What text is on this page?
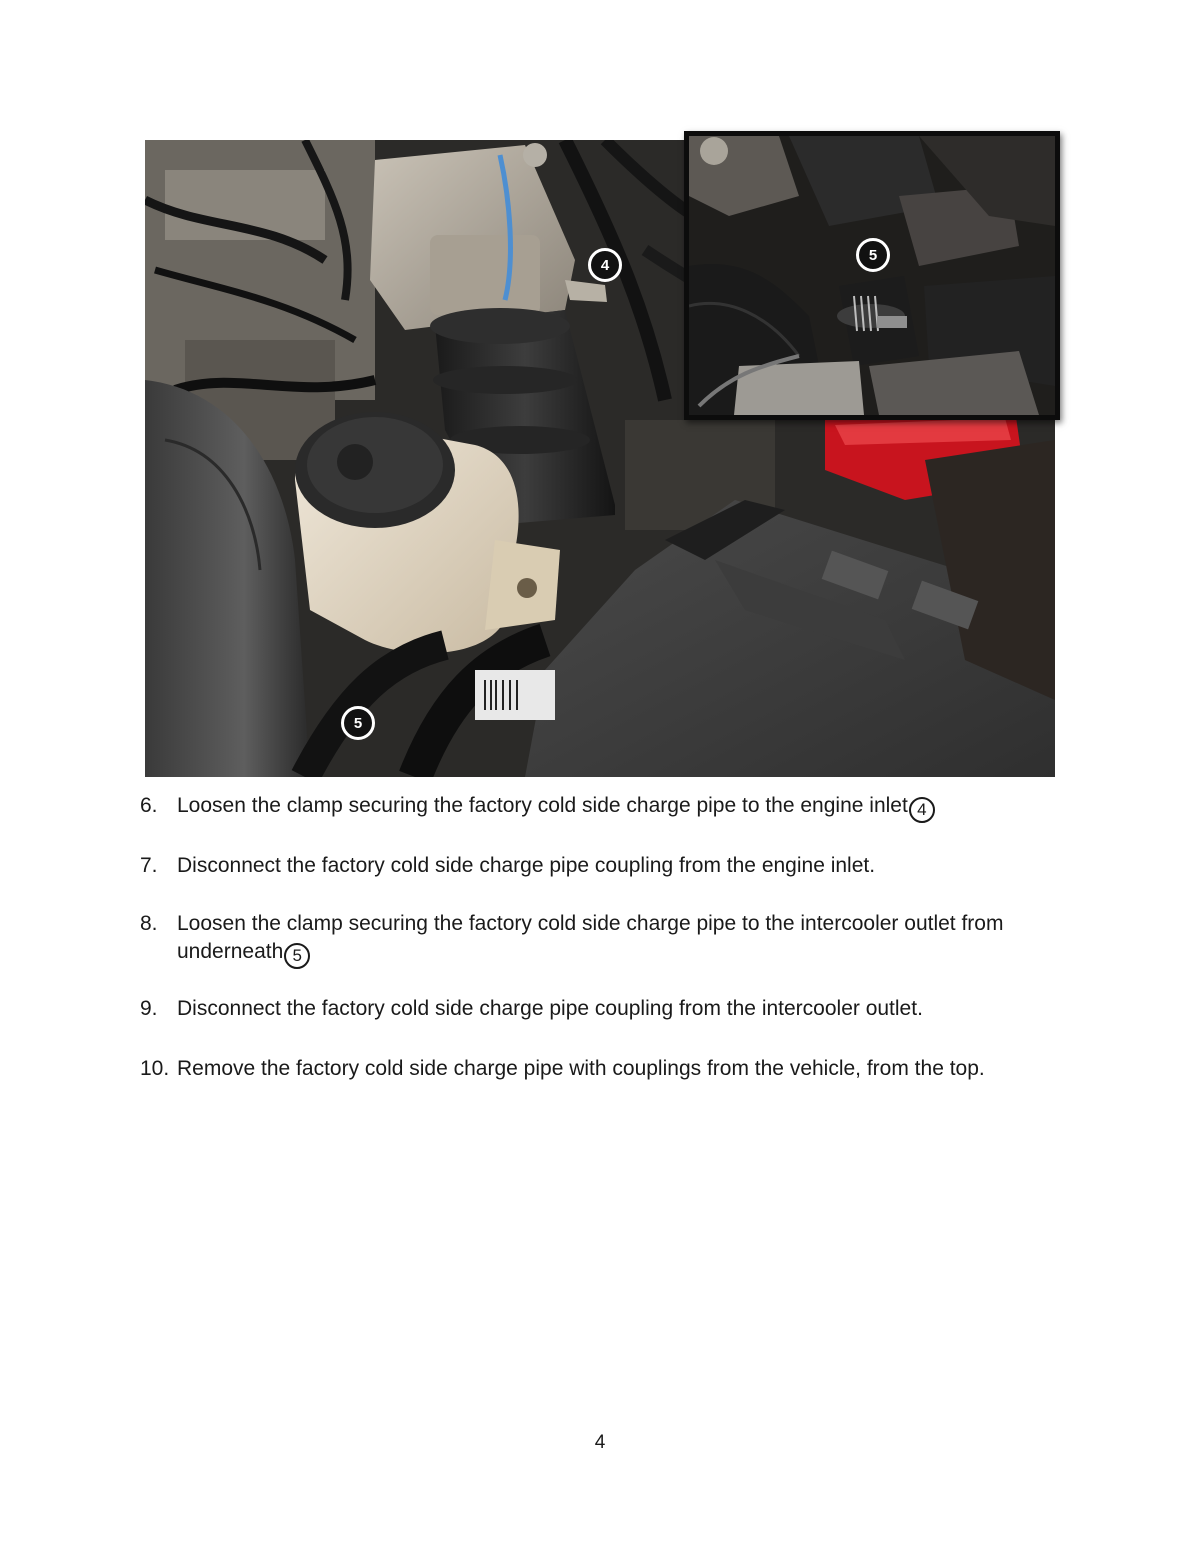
4
5
5
6. Loosen the clamp securing the factory cold side charge pipe to the engine inlet 4
7. Disconnect the factory cold side charge pipe coupling from the engine inlet.
8. Loosen the clamp securing the factory cold side charge pipe to the intercooler outlet from underneath 5
9. Disconnect the factory cold side charge pipe coupling from the intercooler outlet.
10. Remove the factory cold side charge pipe with couplings from the vehicle, from the top.
4
